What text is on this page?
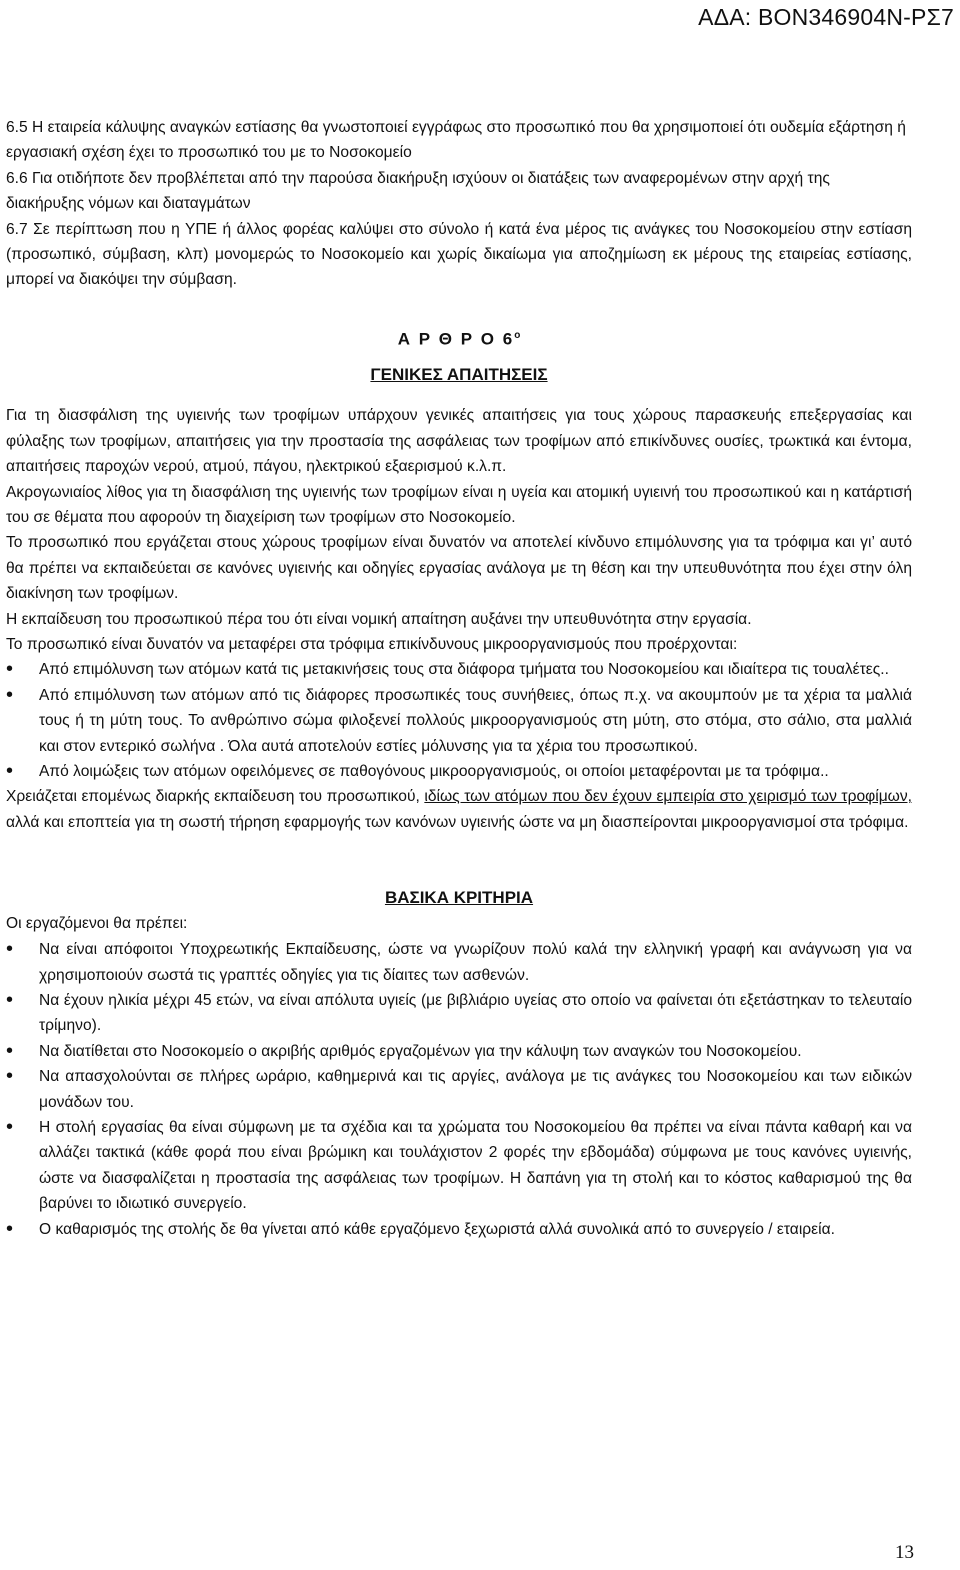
ΑΔΑ: ΒΟΝ346904Ν-ΡΣ7

6.5 Η εταιρεία κάλυψης αναγκών εστίασης θα γνωστοποιεί εγγράφως στο προσωπικό που θα χρησιμοποιεί ότι ουδεμία εξάρτηση ή εργασιακή σχέση έχει το προσωπικό του με το Νοσοκομείο

6.6 Για οτιδήποτε δεν προβλέπεται από την παρούσα διακήρυξη ισχύουν οι διατάξεις των αναφερομένων στην αρχή της διακήρυξης νόμων και διαταγμάτων

6.7 Σε περίπτωση που η ΥΠΕ ή άλλος φορέας καλύψει στο σύνολο ή κατά ένα μέρος τις ανάγκες του Νοσοκομείου στην εστίαση (προσωπικό, σύμβαση, κλπ) μονομερώς το Νοσοκομείο και χωρίς δικαίωμα για αποζημίωση εκ μέρους της εταιρείας εστίασης, μπορεί να διακόψει την σύμβαση.

Α Ρ Θ Ρ Ο $6^o$

ΓΕΝΙΚΕΣ ΑΠΑΙΤΗΣΕΙΣ

Για τη διασφάλιση της υγιεινής των τροφίμων υπάρχουν γενικές απαιτήσεις για τους χώρους παρασκευής επεξεργασίας και φύλαξης των τροφίμων, απαιτήσεις για την προστασία της ασφάλειας των τροφίμων από επικίνδυνες ουσίες, τρωκτικά και έντομα, απαιτήσεις παροχών νερού, ατμού, πάγου, ηλεκτρικού εξαερισμού κ.λ.π.

Ακρογωνιαίος λίθος για τη διασφάλιση της υγιεινής των τροφίμων είναι η υγεία και ατομική υγιεινή του προσωπικού και η κατάρτισή του σε θέματα που αφορούν τη διαχείριση των τροφίμων στο Νοσοκομείο.

Το προσωπικό που εργάζεται στους χώρους τροφίμων είναι δυνατόν να αποτελεί κίνδυνο επιμόλυνσης για τα τρόφιμα και γι’ αυτό θα πρέπει να εκπαιδεύεται σε κανόνες υγιεινής και οδηγίες εργασίας ανάλογα με τη θέση και την υπευθυνότητα που έχει στην όλη διακίνηση των τροφίμων.

Η εκπαίδευση του προσωπικού πέρα του ότι είναι νομική απαίτηση αυξάνει την υπευθυνότητα στην εργασία.

Το προσωπικό είναι δυνατόν να μεταφέρει στα τρόφιμα επικίνδυνους μικροοργανισμούς που προέρχονται:

• Από επιμόλυνση των ατόμων κατά τις μετακινήσεις τους στα διάφορα τμήματα του Νοσοκομείου και ιδιαίτερα τις τουαλέτες..
• Από επιμόλυνση των ατόμων από τις διάφορες προσωπικές τους συνήθειες, όπως π.χ. να ακουμπούν με τα χέρια τα μαλλιά τους ή τη μύτη τους. Το ανθρώπινο σώμα φιλοξενεί πολλούς μικροοργανισμούς στη μύτη, στο στόμα, στο σάλιο, στα μαλλιά και στον εντερικό σωλήνα . Όλα αυτά αποτελούν εστίες μόλυνσης για τα χέρια του προσωπικού.
• Από λοιμώξεις των ατόμων οφειλόμενες σε παθογόνους μικροοργανισμούς, οι οποίοι μεταφέρονται με τα τρόφιμα..

Χρειάζεται επομένως διαρκής εκπαίδευση του προσωπικού, ιδίως των ατόμων που δεν έχουν εμπειρία στο χειρισμό των τροφίμων, αλλά και εποπτεία για τη σωστή τήρηση εφαρμογής των κανόνων υγιεινής ώστε να μη διασπείρονται μικροοργανισμοί στα τρόφιμα.

ΒΑΣΙΚΑ ΚΡΙΤΗΡΙΑ
Οι εργαζόμενοι θα πρέπει:
• Να είναι απόφοιτοι Υποχρεωτικής Εκπαίδευσης, ώστε να γνωρίζουν πολύ καλά την ελληνική γραφή και ανάγνωση για να χρησιμοποιούν σωστά τις γραπτές οδηγίες για τις δίαιτες των ασθενών.
• Να έχουν ηλικία μέχρι 45 ετών, να είναι απόλυτα υγιείς (με βιβλιάριο υγείας στο οποίο να φαίνεται ότι εξετάστηκαν το τελευταίο τρίμηνο).
• Να διατίθεται στο Νοσοκομείο ο ακριβής αριθμός εργαζομένων για την κάλυψη των αναγκών του Νοσοκομείου.
• Να απασχολούνται σε πλήρες ωράριο, καθημερινά και τις αργίες, ανάλογα με τις ανάγκες του Νοσοκομείου και των ειδικών μονάδων του.
• Η στολή εργασίας θα είναι σύμφωνη με τα σχέδια και τα χρώματα του Νοσοκομείου θα πρέπει να είναι πάντα καθαρή και να αλλάζει τακτικά (κάθε φορά που είναι βρώμικη και τουλάχιστον 2 φορές την εβδομάδα) σύμφωνα με τους κανόνες υγιεινής, ώστε να διασφαλίζεται η προστασία της ασφάλειας των τροφίμων. Η δαπάνη για τη στολή και το κόστος καθαρισμού της θα βαρύνει το ιδιωτικό συνεργείο.
• Ο καθαρισμός της στολής δε θα γίνεται από κάθε εργαζόμενο ξεχωριστά αλλά συνολικά από το συνεργείο / εταιρεία.
13
